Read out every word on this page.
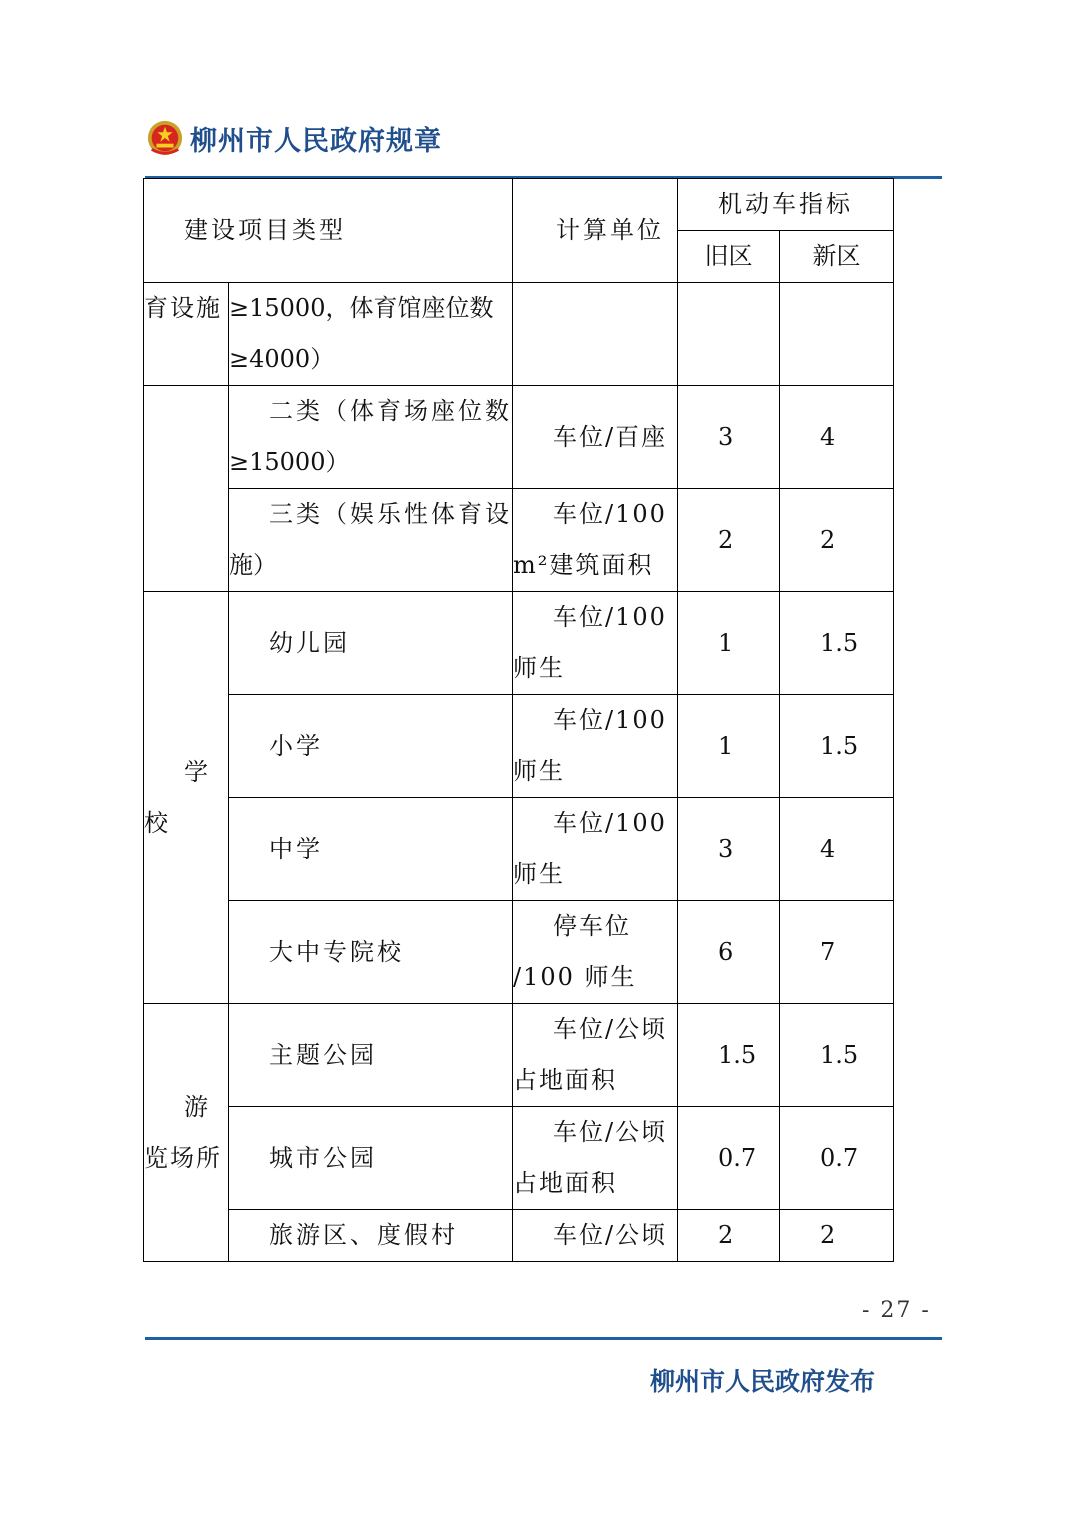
柳州市人民政府规章
建设项目类型		计算单位	机动车指标	
			旧区	新区
育设施	≥15000，体育馆座位数
≥4000）			

	二类（体育场座位数
≥15000）	车位/百座	3	4

	三类（娱乐性体育设
施）	车位/100
m²建筑面积	2	2

学
校	幼儿园	车位/100
师生	1	1.5
	小学	车位/100
师生	1	1.5
	中学	车位/100
师生	3	4
	大中专院校	停车位
/100 师生	6	7

游
览场所	主题公园	车位/公顷
占地面积	1.5	1.5
	城市公园	车位/公顷
占地面积	0.7	0.7
	旅游区、度假村	车位/公顷	2	2
- 27 -
柳州市人民政府发布
